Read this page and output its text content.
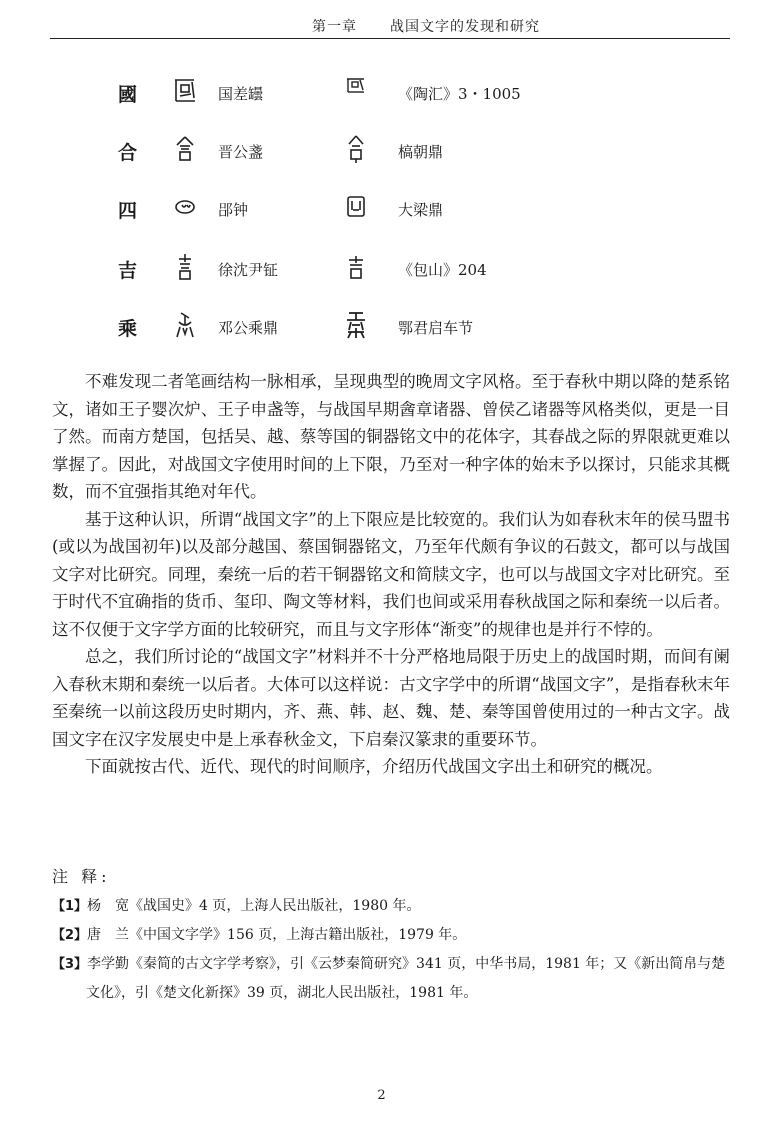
第一章 战国文字的发现和研究
國	国差罎	《陶汇》3・1005
合	晋公盞	槁朝鼎
四	郘钟	大梁鼎
吉	徐沈尹钲	《包山》204
乘	邓公乘鼎	鄂君启车节

不难发现二者笔画结构一脉相承，呈现典型的晚周文字风格。至于春秋中期以降的楚系铭文，诸如王子婴次炉、王子申盏等，与战国早期酓章诸器、曾侯乙诸器等风格类似，更是一目了然。而南方楚国，包括吴、越、蔡等国的铜器铭文中的花体字，其春战之际的界限就更难以掌握了。因此，对战国文字使用时间的上下限，乃至对一种字体的始末予以探讨，只能求其概数，而不宜强指其绝对年代。

基于这种认识，所谓“战国文字”的上下限应是比较宽的。我们认为如春秋末年的侯马盟书(或以为战国初年)以及部分越国、蔡国铜器铭文，乃至年代颇有争议的石鼓文，都可以与战国文字对比研究。同理，秦统一后的若干铜器铭文和简牍文字，也可以与战国文字对比研究。至于时代不宜确指的货币、玺印、陶文等材料，我们也间或采用春秋战国之际和秦统一以后者。这不仅便于文字学方面的比较研究，而且与文字形体“渐变”的规律也是并行不悖的。

总之，我们所讨论的“战国文字”材料并不十分严格地局限于历史上的战国时期，而间有阑入春秋末期和秦统一以后者。大体可以这样说：古文字学中的所谓“战国文字”，是指春秋末年至秦统一以前这段历史时期内，齐、燕、韩、赵、魏、楚、秦等国曾使用过的一种古文字。战国文字在汉字发展史中是上承春秋金文，下启秦汉篆隶的重要环节。

下面就按古代、近代、现代的时间顺序，介绍历代战国文字出土和研究的概况。

注 释:
【1】杨　宽《战国史》4 页，上海人民出版社，1980 年。
【2】唐　兰《中国文字学》156 页，上海古籍出版社，1979 年。
【3】李学勤《秦简的古文字学考察》，引《云梦秦简研究》341 页，中华书局，1981 年；又《新出简帛与楚文化》，引《楚文化新探》39 页，湖北人民出版社，1981 年。
2
